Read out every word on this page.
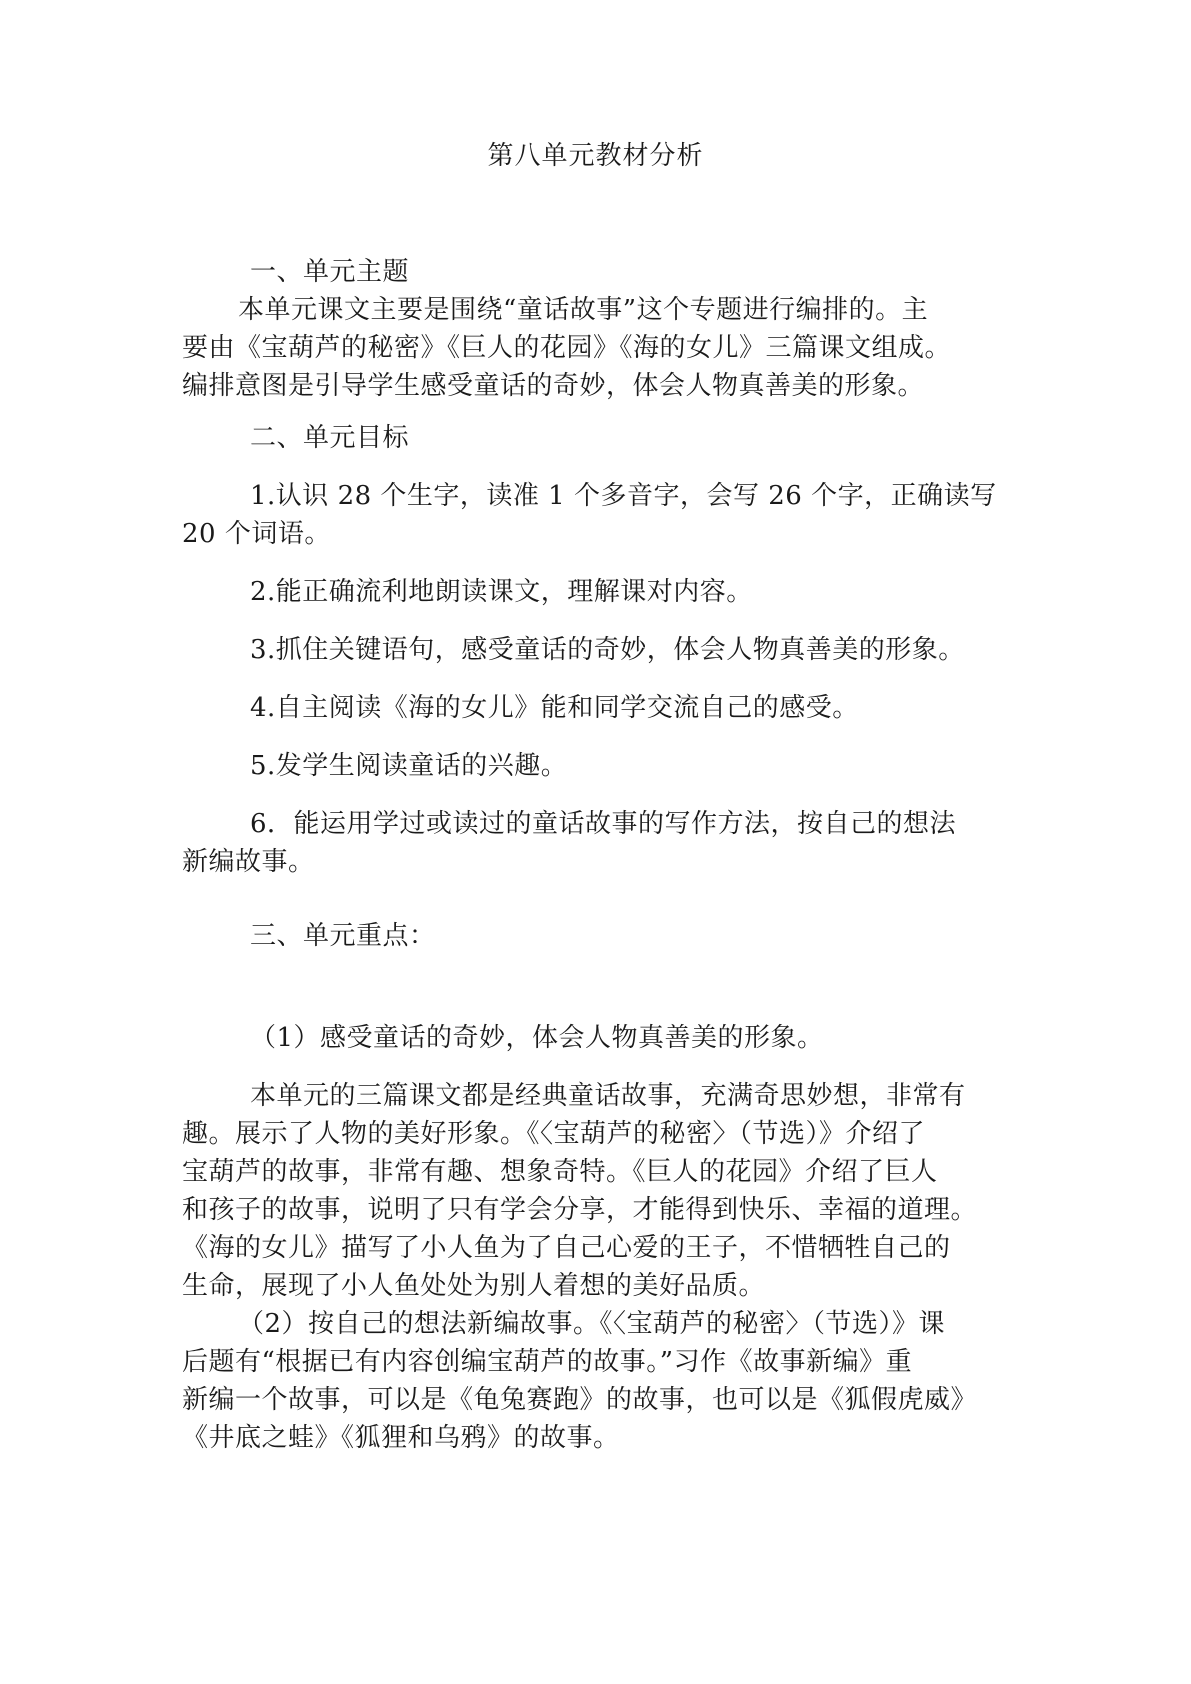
第八单元教材分析
一、单元主题
本单元课文主要是围绕“童话故事”这个专题进行编排的。主
要由《宝葫芦的秘密》《巨人的花园》《海的女儿》三篇课文组成。
编排意图是引导学生感受童话的奇妙，体会人物真善美的形象。
二、单元目标
1.认识 28 个生字，读准 1 个多音字，会写 26 个字，正确读写
20 个词语。
2.能正确流利地朗读课文，理解课对内容。
3.抓住关键语句，感受童话的奇妙，体会人物真善美的形象。
4.自主阅读《海的女儿》能和同学交流自己的感受。
5.发学生阅读童话的兴趣。
6．能运用学过或读过的童话故事的写作方法，按自己的想法
新编故事。
三、单元重点：
（1）感受童话的奇妙，体会人物真善美的形象。
本单元的三篇课文都是经典童话故事，充满奇思妙想，非常有
趣。展示了人物的美好形象。《〈宝葫芦的秘密〉（节选）》介绍了
宝葫芦的故事，非常有趣、想象奇特。《巨人的花园》介绍了巨人
和孩子的故事，说明了只有学会分享，才能得到快乐、幸福的道理。
《海的女儿》描写了小人鱼为了自己心爱的王子，不惜牺牲自己的
生命，展现了小人鱼处处为别人着想的美好品质。
（2）按自己的想法新编故事。《〈宝葫芦的秘密〉（节选）》课
后题有“根据已有内容创编宝葫芦的故事。”习作《故事新编》重
新编一个故事，可以是《龟兔赛跑》的故事，也可以是《狐假虎威》
《井底之蛙》《狐狸和乌鸦》的故事。
